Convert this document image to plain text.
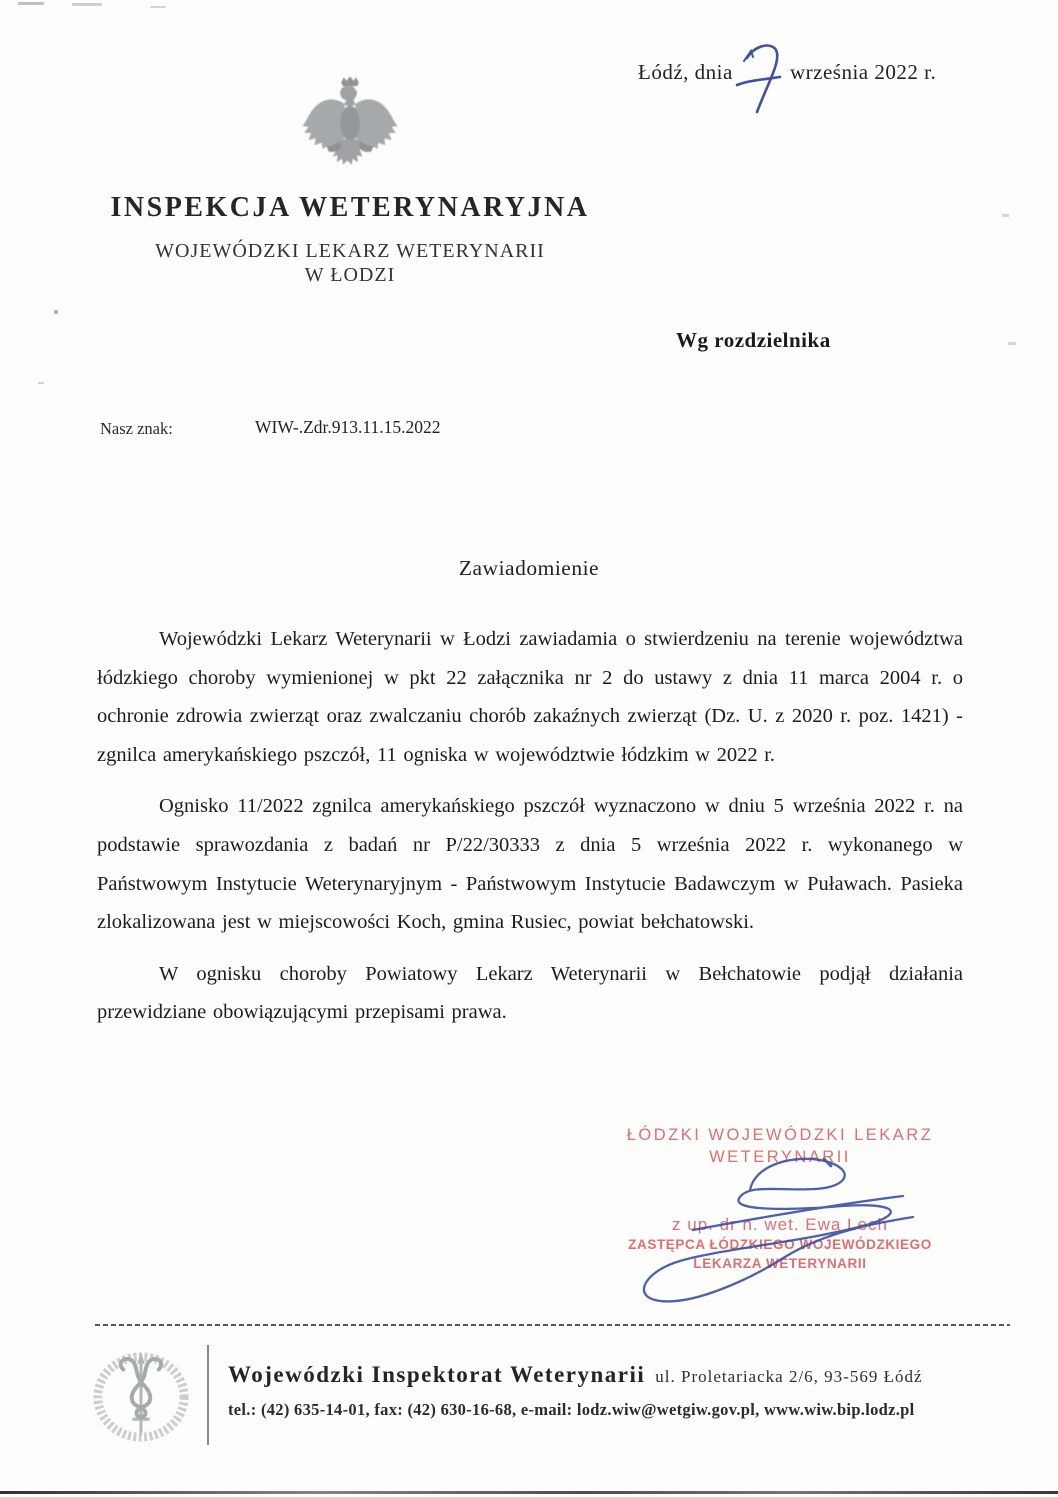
Łódź, dnia	września 2022 r.
INSPEKCJA WETERYNARYJNA
WOJEWÓDZKI LEKARZ WETERYNARII
W ŁODZI
Wg rozdzielnika
Nasz znak:	WIW-.Zdr.913.11.15.2022
Zawiadomienie

Wojewódzki Lekarz Weterynarii w Łodzi zawiadamia o stwierdzeniu na terenie województwa łódzkiego choroby wymienionej w pkt 22 załącznika nr 2 do ustawy z dnia 11 marca 2004 r. o ochronie zdrowia zwierząt oraz zwalczaniu chorób zakaźnych zwierząt (Dz. U. z 2020 r. poz. 1421) - zgnilca amerykańskiego pszczół, 11 ogniska w województwie łódzkim w 2022 r.

Ognisko 11/2022 zgnilca amerykańskiego pszczół wyznaczono w dniu 5 września 2022 r. na podstawie sprawozdania z badań nr P/22/30333 z dnia 5 września 2022 r. wykonanego w Państwowym Instytucie Weterynaryjnym - Państwowym Instytucie Badawczym w Puławach. Pasieka zlokalizowana jest w miejscowości Koch, gmina Rusiec, powiat bełchatowski.

W ognisku choroby Powiatowy Lekarz Weterynarii w Bełchatowie podjął działania przewidziane obowiązującymi przepisami prawa.

ŁÓDZKI WOJEWÓDZKI LEKARZ
WETERYNARII
z up. dr n. wet. Ewa Lech
ZASTĘPCA ŁÓDZKIEGO WOJEWÓDZKIEGO
LEKARZA WETERYNARII
Wojewódzki Inspektorat Weterynarii ul. Proletariacka 2/6, 93-569 Łódź
tel.: (42) 635-14-01, fax: (42) 630-16-68, e-mail: lodz.wiw@wetgiw.gov.pl, www.wiw.bip.lodz.pl
